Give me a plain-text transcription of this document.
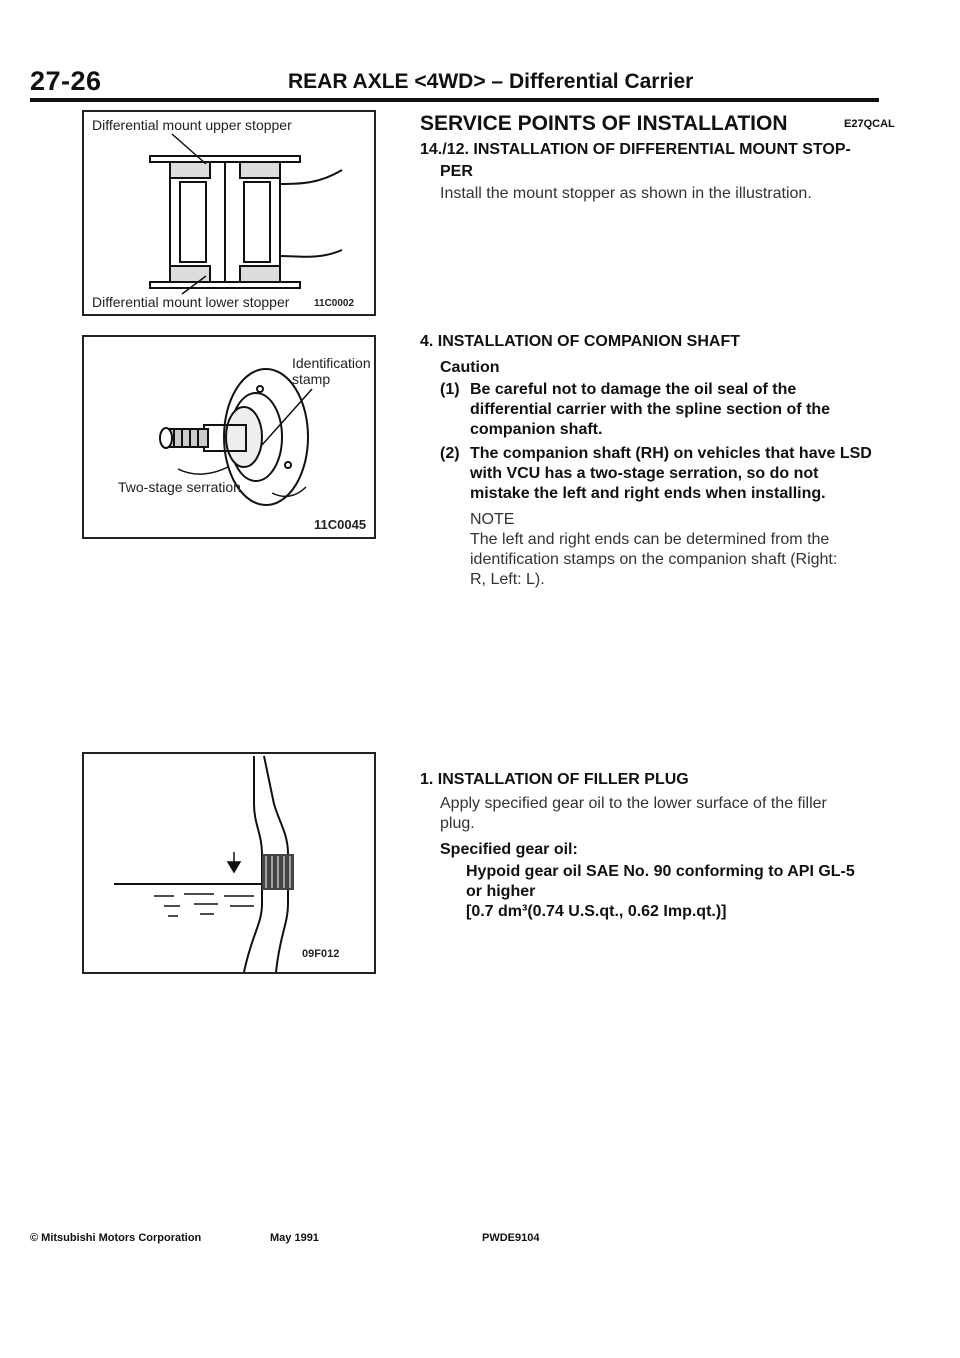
27-26	REAR AXLE <4WD> – Differential Carrier
Differential mount upper stopper
Differential mount lower stopper 11C0002
Identification
stamp
Two-stage serration
11C0045
09F012
SERVICE POINTS OF INSTALLATION	E27QCAL
14./12. INSTALLATION OF DIFFERENTIAL MOUNT STOP-
PER
Install the mount stopper as shown in the illustration.
4. INSTALLATION OF COMPANION SHAFT
Caution
(1) Be careful not to damage the oil seal of the
differential carrier with the spline section of the
companion shaft.
(2) The companion shaft (RH) on vehicles that have LSD
with VCU has a two-stage serration, so do not
mistake the left and right ends when installing.
NOTE
The left and right ends can be determined from the
identification stamps on the companion shaft (Right:
R, Left: L).
1. INSTALLATION OF FILLER PLUG
Apply specified gear oil to the lower surface of the filler
plug.
Specified gear oil:
Hypoid gear oil SAE No. 90 conforming to API GL-5
or higher
[0.7 dm³(0.74 U.S.qt., 0.62 Imp.qt.)]
© Mitsubishi Motors Corporation	May 1991	PWDE9104
